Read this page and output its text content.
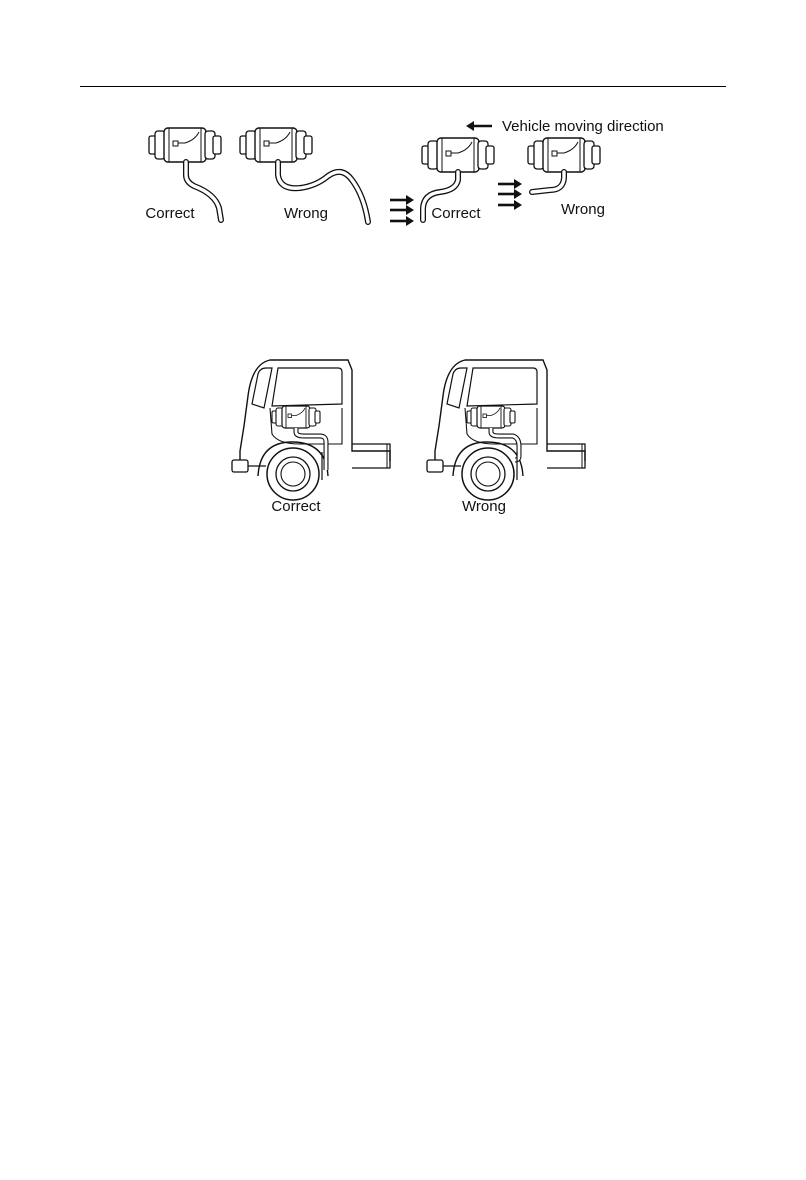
Correct	Wrong
Vehicle moving direction
Correct	Wrong
Correct	Wrong
